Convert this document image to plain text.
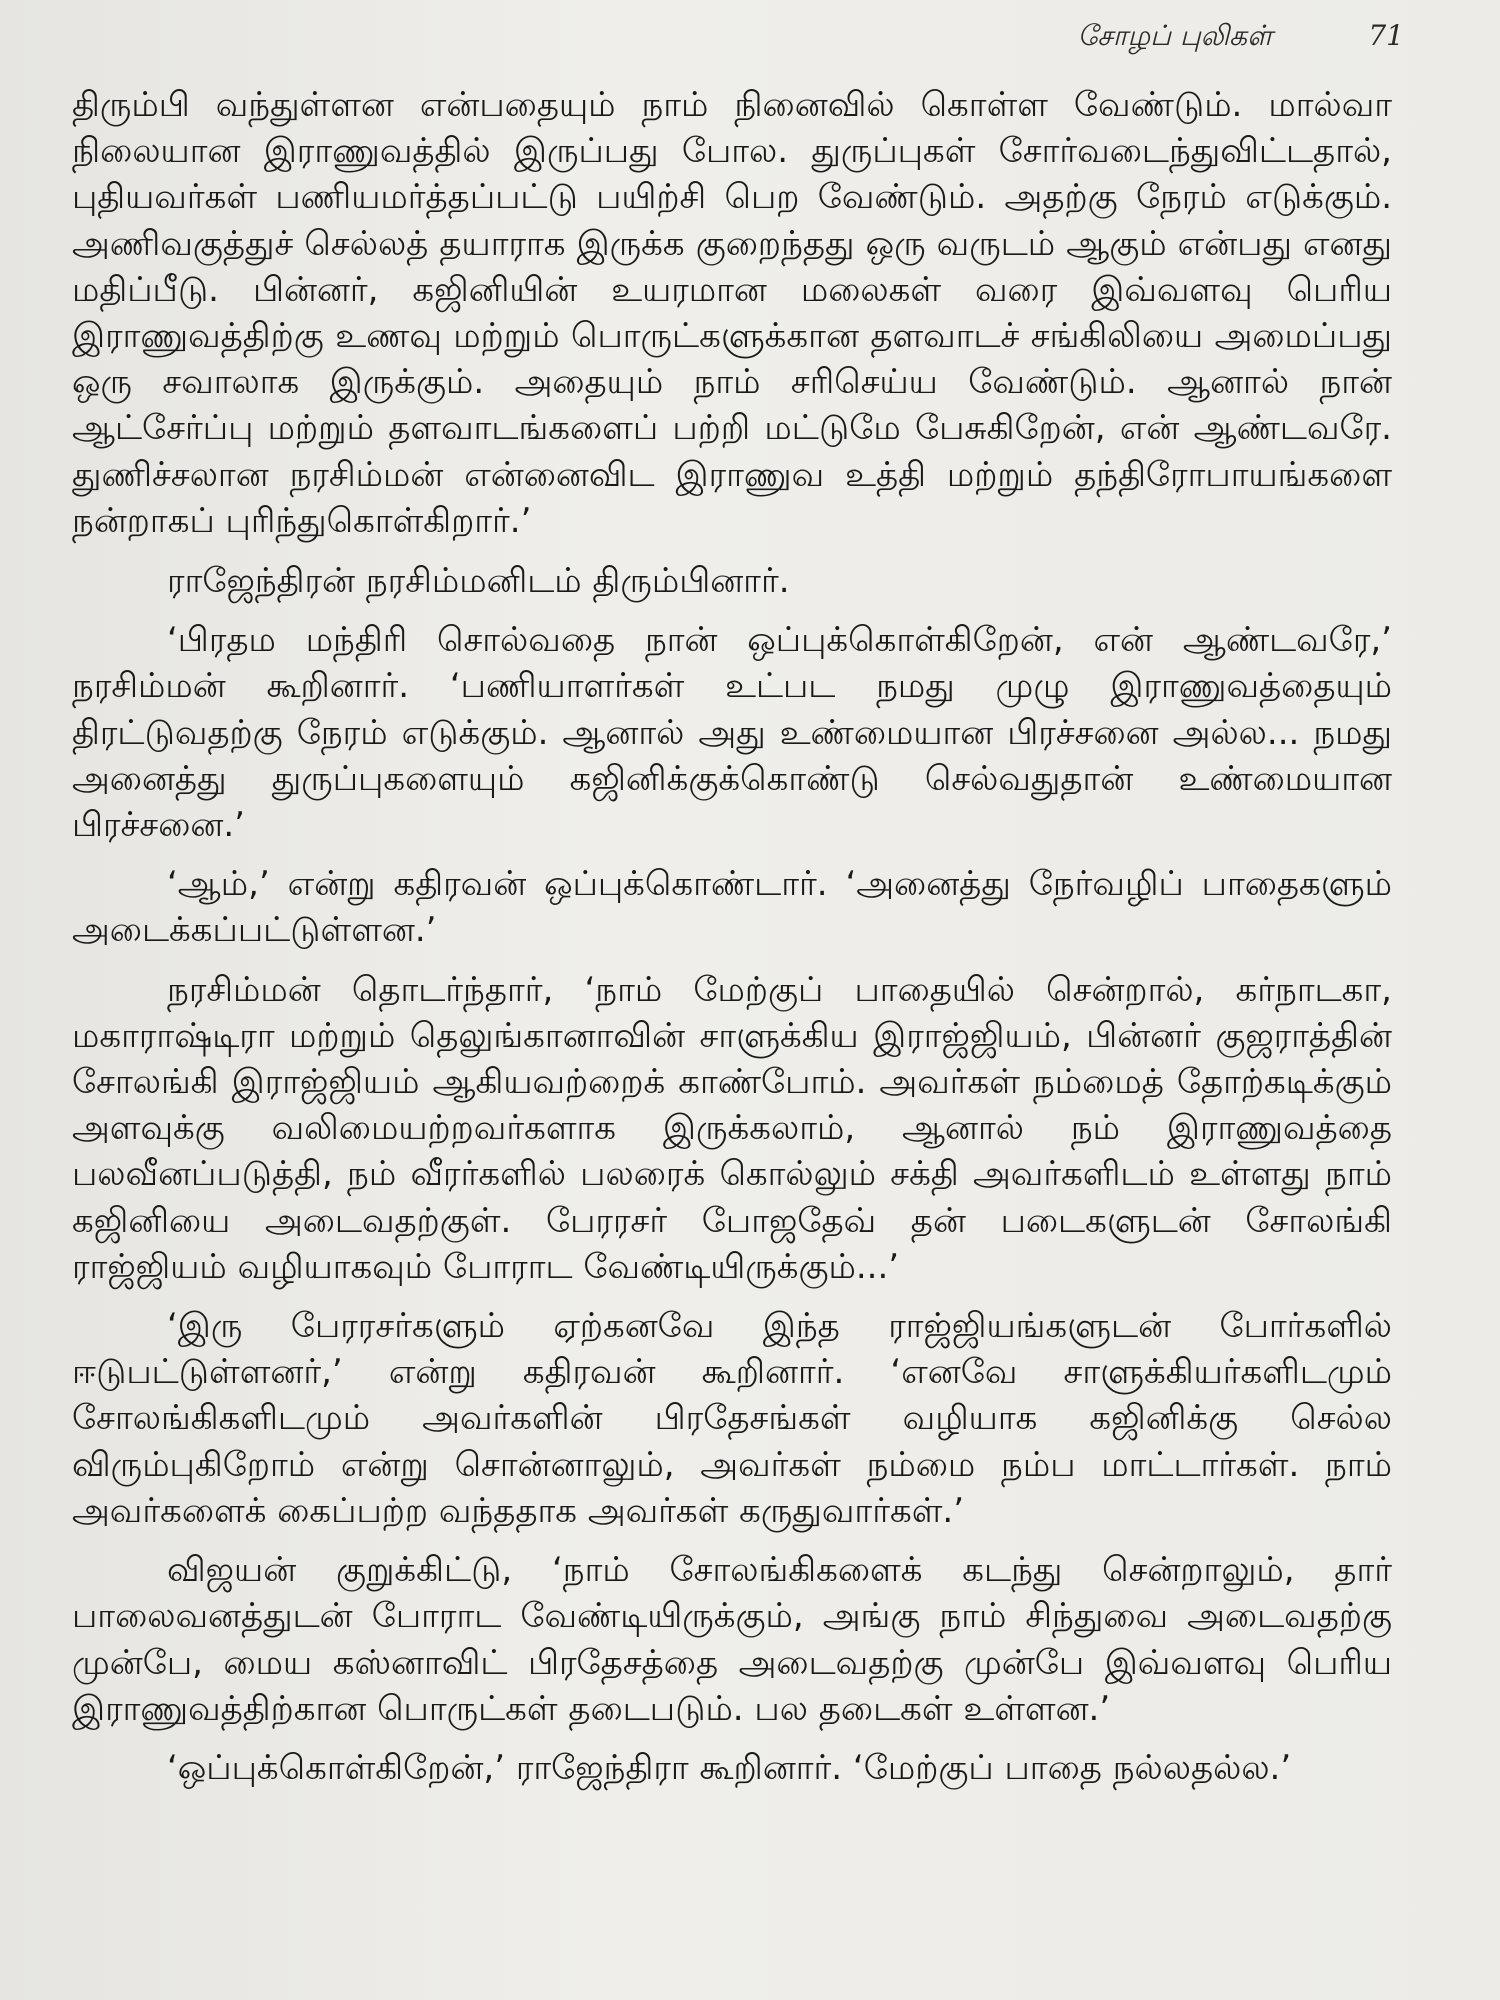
சோழப் புலிகள்	71

திரும்பி வந்துள்ளன என்பதையும் நாம் நினைவில் கொள்ள வேண்டும். மால்வா நிலையான இராணுவத்தில் இருப்பது போல. துருப்புகள் சோர்வடைந்துவிட்டதால், புதியவர்கள் பணியமர்த்தப்பட்டு பயிற்சி பெற வேண்டும். அதற்கு நேரம் எடுக்கும். அணிவகுத்துச் செல்லத் தயாராக இருக்க குறைந்தது ஒரு வருடம் ஆகும் என்பது எனது மதிப்பீடு. பின்னர், கஜினியின் உயரமான மலைகள் வரை இவ்வளவு பெரிய இராணுவத்திற்கு உணவு மற்றும் பொருட்களுக்கான தளவாடச் சங்கிலியை அமைப்பது ஒரு சவாலாக இருக்கும். அதையும் நாம் சரிசெய்ய வேண்டும். ஆனால் நான் ஆட்சேர்ப்பு மற்றும் தளவாடங்களைப் பற்றி மட்டுமே பேசுகிறேன், என் ஆண்டவரே. துணிச்சலான நரசிம்மன் என்னைவிட இராணுவ உத்தி மற்றும் தந்திரோபாயங்களை நன்றாகப் புரிந்துகொள்கிறார்.’

ராஜேந்திரன் நரசிம்மனிடம் திரும்பினார்.

‘பிரதம மந்திரி சொல்வதை நான் ஒப்புக்கொள்கிறேன், என் ஆண்டவரே,’ நரசிம்மன் கூறினார். ‘பணியாளர்கள் உட்பட நமது முழு இராணுவத்தையும் திரட்டுவதற்கு நேரம் எடுக்கும். ஆனால் அது உண்மையான பிரச்சனை அல்ல... நமது அனைத்து துருப்புகளையும் கஜினிக்குக்கொண்டு செல்வதுதான் உண்மையான பிரச்சனை.’

‘ஆம்,’ என்று கதிரவன் ஒப்புக்கொண்டார். ‘அனைத்து நேர்வழிப் பாதைகளும் அடைக்கப்பட்டுள்ளன.’

நரசிம்மன் தொடர்ந்தார், ‘நாம் மேற்குப் பாதையில் சென்றால், கர்நாடகா, மகாராஷ்டிரா மற்றும் தெலுங்கானாவின் சாளுக்கிய இராஜ்ஜியம், பின்னர் குஜராத்தின் சோலங்கி இராஜ்ஜியம் ஆகியவற்றைக் காண்போம். அவர்கள் நம்மைத் தோற்கடிக்கும் அளவுக்கு வலிமையற்றவர்களாக இருக்கலாம், ஆனால் நம் இராணுவத்தை பலவீனப்படுத்தி, நம் வீரர்களில் பலரைக் கொல்லும் சக்தி அவர்களிடம் உள்ளது நாம் கஜினியை அடைவதற்குள். பேரரசர் போஜதேவ் தன் படைகளுடன் சோலங்கி ராஜ்ஜியம் வழியாகவும் போராட வேண்டியிருக்கும்...’

‘இரு பேரரசர்களும் ஏற்கனவே இந்த ராஜ்ஜியங்களுடன் போர்களில் ஈடுபட்டுள்ளனர்,’ என்று கதிரவன் கூறினார். ‘எனவே சாளுக்கியர்களிடமும் சோலங்கிகளிடமும் அவர்களின் பிரதேசங்கள் வழியாக கஜினிக்கு செல்ல விரும்புகிறோம் என்று சொன்னாலும், அவர்கள் நம்மை நம்ப மாட்டார்கள். நாம் அவர்களைக் கைப்பற்ற வந்ததாக அவர்கள் கருதுவார்கள்.’

விஜயன் குறுக்கிட்டு, ‘நாம் சோலங்கிகளைக் கடந்து சென்றாலும், தார் பாலைவனத்துடன் போராட வேண்டியிருக்கும், அங்கு நாம் சிந்துவை அடைவதற்கு முன்பே, மைய கஸ்னாவிட் பிரதேசத்தை அடைவதற்கு முன்பே இவ்வளவு பெரிய இராணுவத்திற்கான பொருட்கள் தடைபடும். பல தடைகள் உள்ளன.’

‘ஒப்புக்கொள்கிறேன்,’ ராஜேந்திரா கூறினார். ‘மேற்குப் பாதை நல்லதல்ல.’
